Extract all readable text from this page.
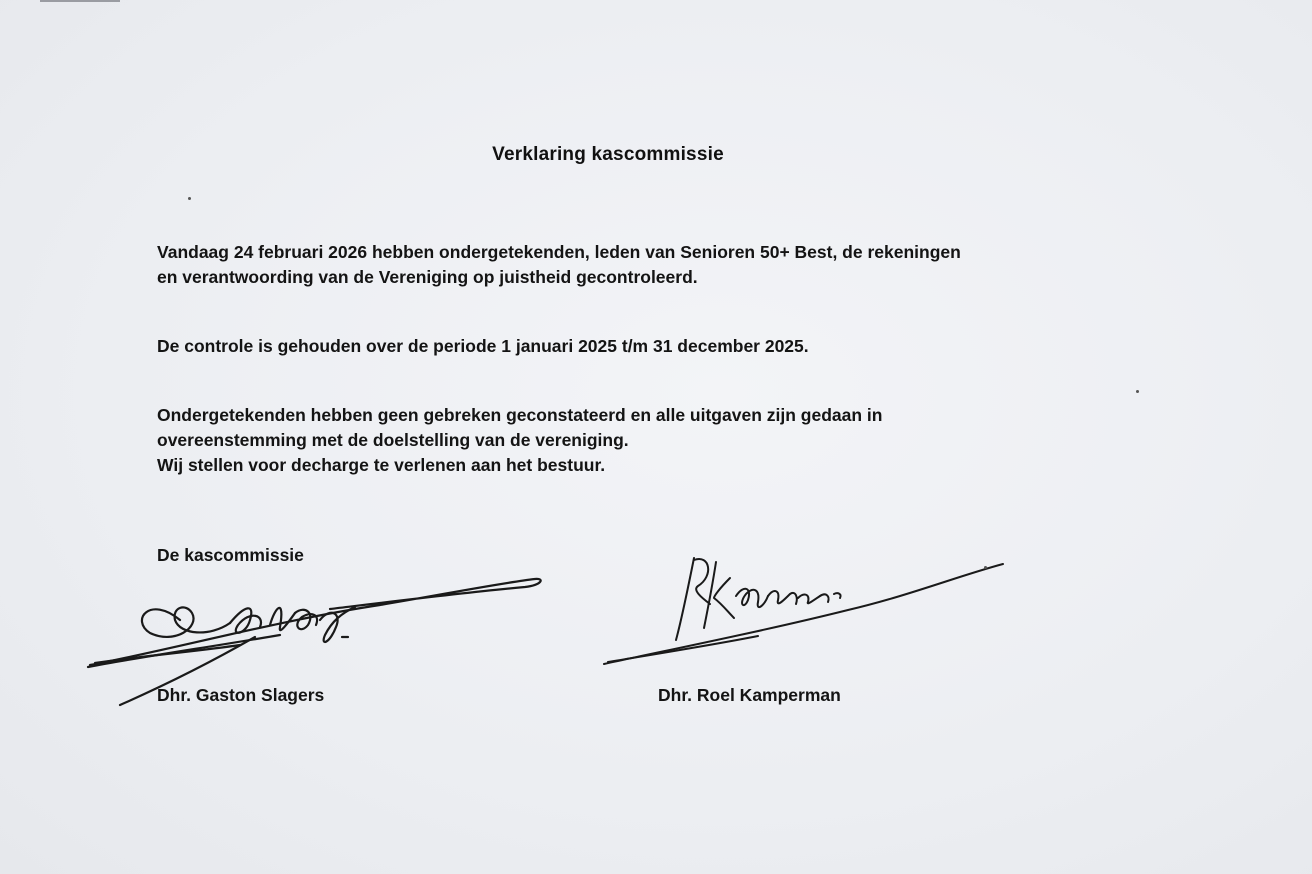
Verklaring kascommissie
Vandaag 24 februari 2026 hebben ondergetekenden, leden van Senioren 50+ Best, de rekeningen
en verantwoording van de Vereniging op juistheid gecontroleerd.
De controle is gehouden over de periode 1 januari 2025 t/m 31 december 2025.
Ondergetekenden hebben geen gebreken geconstateerd en alle uitgaven zijn gedaan in
overeenstemming met de doelstelling van de vereniging.
Wij stellen voor decharge te verlenen aan het bestuur.
De kascommissie
Dhr. Gaston Slagers	Dhr. Roel Kamperman
